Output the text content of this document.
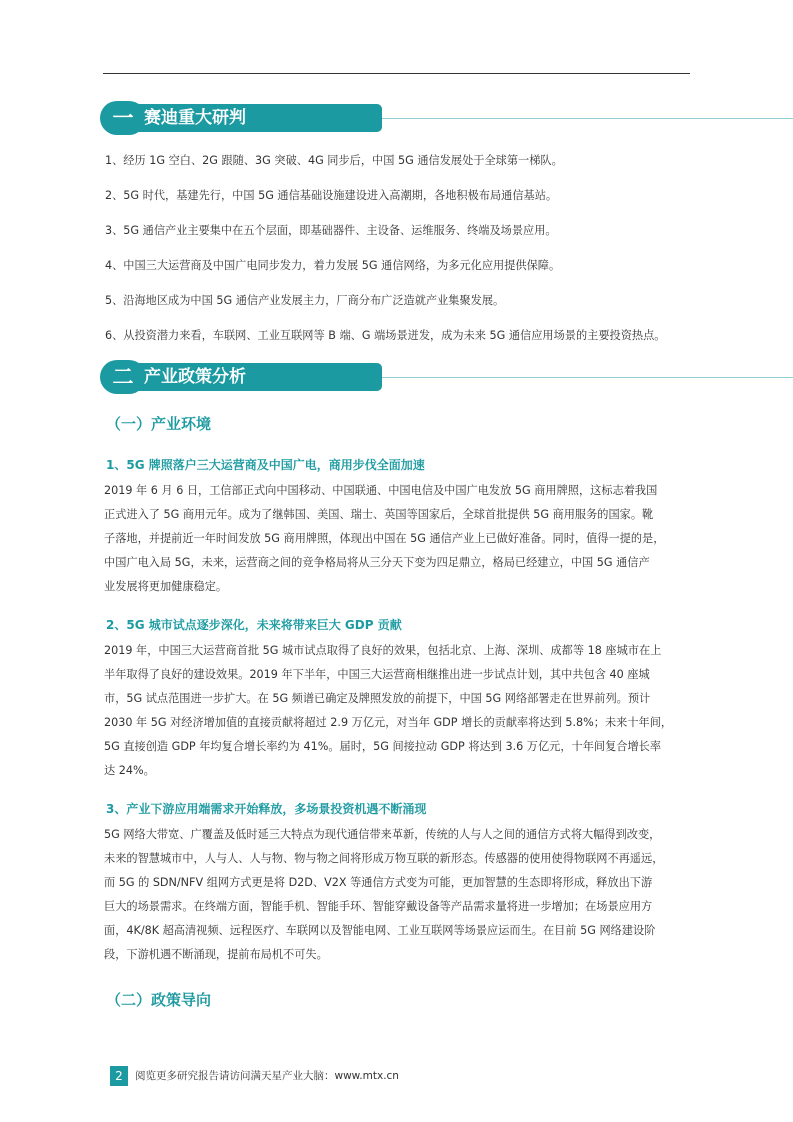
一 赛迪重大研判
1、经历 1G 空白、2G 跟随、3G 突破、4G 同步后，中国 5G 通信发展处于全球第一梯队。
2、5G 时代，基建先行，中国 5G 通信基础设施建设进入高潮期，各地积极布局通信基站。
3、5G 通信产业主要集中在五个层面，即基础器件、主设备、运维服务、终端及场景应用。
4、中国三大运营商及中国广电同步发力，着力发展 5G 通信网络，为多元化应用提供保障。
5、沿海地区成为中国 5G 通信产业发展主力，厂商分布广泛造就产业集聚发展。
6、从投资潜力来看，车联网、工业互联网等 B 端、G 端场景迸发，成为未来 5G 通信应用场景的主要投资热点。
二 产业政策分析
（一）产业环境
1、5G 牌照落户三大运营商及中国广电，商用步伐全面加速
2019 年 6 月 6 日，工信部正式向中国移动、中国联通、中国电信及中国广电发放 5G 商用牌照，这标志着我国
正式进入了 5G 商用元年。成为了继韩国、美国、瑞士、英国等国家后，全球首批提供 5G 商用服务的国家。靴
子落地，并提前近一年时间发放 5G 商用牌照，体现出中国在 5G 通信产业上已做好准备。同时，值得一提的是，
中国广电入局 5G，未来，运营商之间的竞争格局将从三分天下变为四足鼎立，格局已经建立，中国 5G 通信产
业发展将更加健康稳定。
2、5G 城市试点逐步深化，未来将带来巨大 GDP 贡献
2019 年，中国三大运营商首批 5G 城市试点取得了良好的效果，包括北京、上海、深圳、成都等 18 座城市在上
半年取得了良好的建设效果。2019 年下半年，中国三大运营商相继推出进一步试点计划，其中共包含 40 座城
市，5G 试点范围进一步扩大。在 5G 频谱已确定及牌照发放的前提下，中国 5G 网络部署走在世界前列。预计
2030 年 5G 对经济增加值的直接贡献将超过 2.9 万亿元，对当年 GDP 增长的贡献率将达到 5.8%；未来十年间，
5G 直接创造 GDP 年均复合增长率约为 41%。届时，5G 间接拉动 GDP 将达到 3.6 万亿元，十年间复合增长率
达 24%。
3、产业下游应用端需求开始释放，多场景投资机遇不断涌现
5G 网络大带宽、广覆盖及低时延三大特点为现代通信带来革新，传统的人与人之间的通信方式将大幅得到改变，
未来的智慧城市中，人与人、人与物、物与物之间将形成万物互联的新形态。传感器的使用使得物联网不再遥远，
而 5G 的 SDN/NFV 组网方式更是将 D2D、V2X 等通信方式变为可能，更加智慧的生态即将形成，释放出下游
巨大的场景需求。在终端方面，智能手机、智能手环、智能穿戴设备等产品需求量将进一步增加；在场景应用方
面，4K/8K 超高清视频、远程医疗、车联网以及智能电网、工业互联网等场景应运而生。在目前 5G 网络建设阶
段，下游机遇不断涌现，提前布局机不可失。
（二）政策导向
2	阅览更多研究报告请访问满天星产业大脑：www.mtx.cn
